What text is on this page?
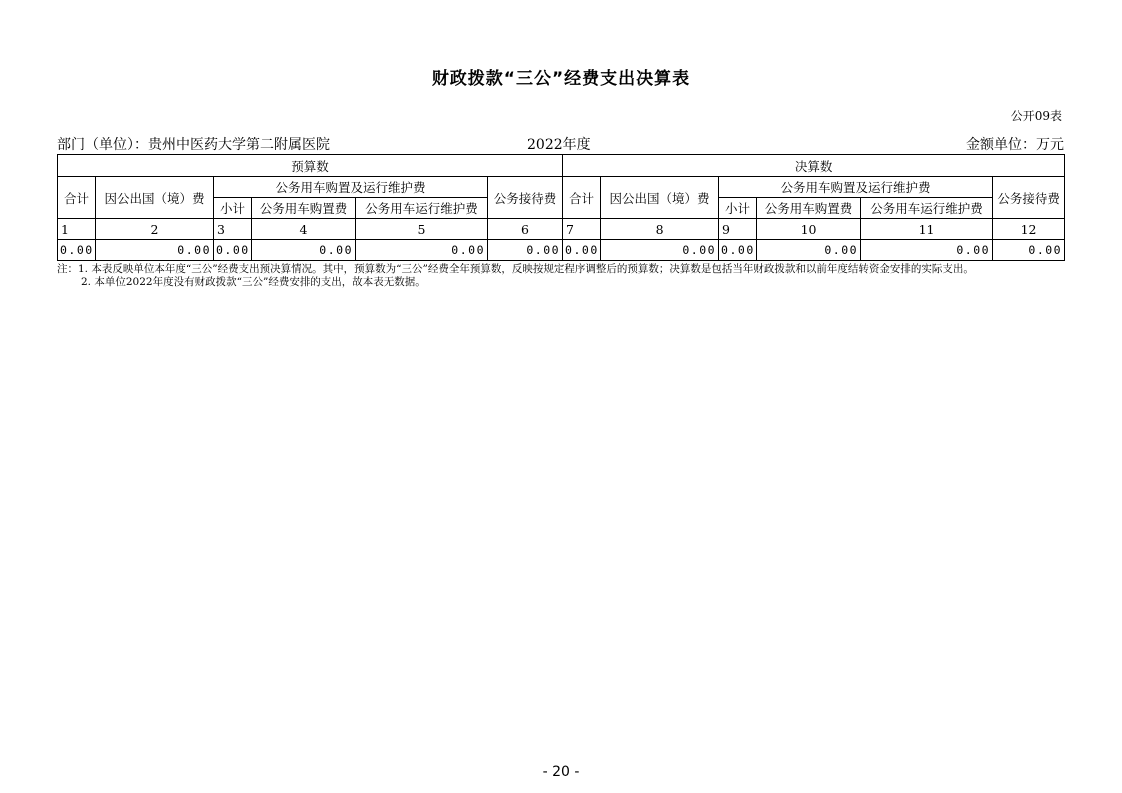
财政拨款“三公”经费支出决算表
公开09表
部门（单位）：贵州中医药大学第二附属医院	2022年度	金额单位：万元
预算数						决算数					
合计	因公出国（境）费	公务用车购置及运行维护费			公务接待费	合计	因公出国（境）费	公务用车购置及运行维护费			公务接待费
		小计	公务用车购置费	公务用车运行维护费				小计	公务用车购置费	公务用车运行维护费	
1	2	3	4	5	6	7	8	9	10	11	12
0.00	0.00	0.00	0.00	0.00	0.00	0.00	0.00	0.00	0.00	0.00	0.00
注：1. 本表反映单位本年度“三公”经费支出预决算情况。其中，预算数为“三公”经费全年预算数，反映按规定程序调整后的预算数；决算数是包括当年财政拨款和以前年度结转资金安排的实际支出。
2. 本单位2022年度没有财政拨款“三公”经费安排的支出，故本表无数据。
- 20 -
